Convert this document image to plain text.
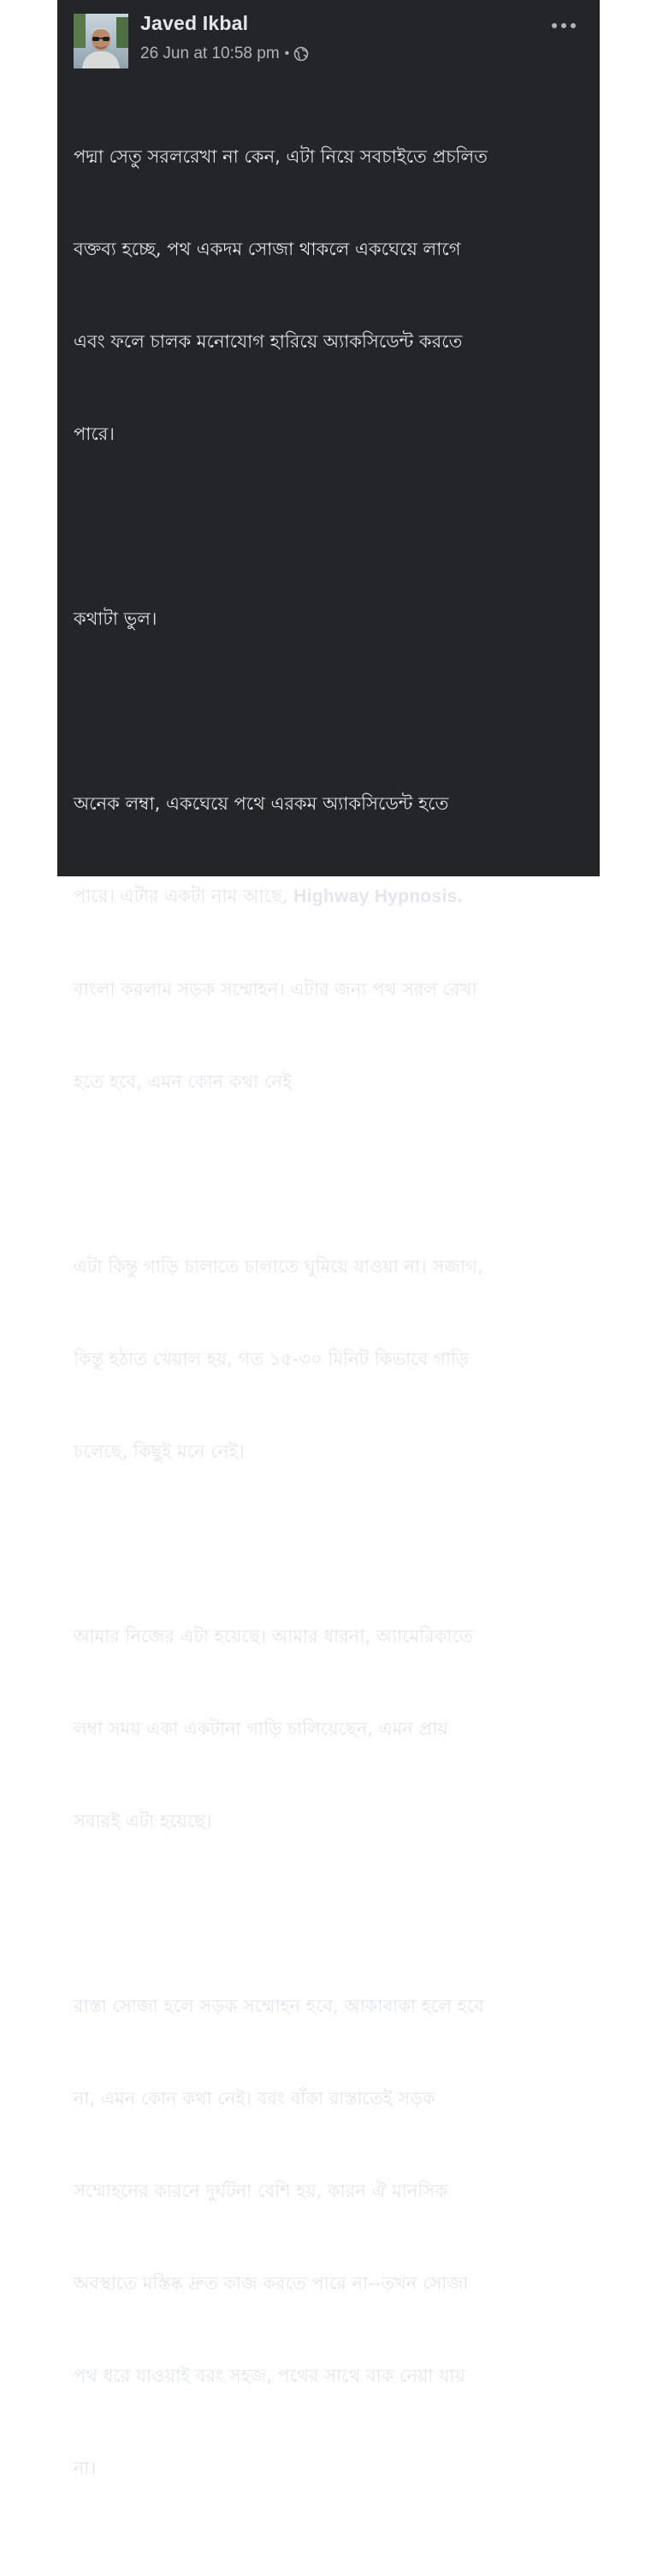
Javed Ikbal
26 Jun at 10:58 pm •

পদ্মা সেতু সরলরেখা না কেন, এটা নিয়ে সবচাইতে প্রচলিত

বক্তব্য হচ্ছে, পথ একদম সোজা থাকলে একঘেয়ে লাগে

এবং ফলে চালক মনোযোগ হারিয়ে অ্যাকসিডেন্ট করতে

পারে।

কথাটা ভুল।

অনেক লম্বা, একঘেয়ে পথে এরকম অ্যাকসিডেন্ট হতে

পারে। এটার একটা নাম আছে, Highway Hypnosis.

বাংলা করলাম সড়ক সম্মোহন। এটার জন্য পথ সরল রেখা

হতে হবে, এমন কোন কথা নেই

এটা কিন্তু গাড়ি চালাতে চালাতে ঘুমিয়ে যাওয়া না। সজাগ,

কিন্তু হঠাত খেয়াল হয়, গত ১৫-৩০ মিনিট কিভাবে গাড়ি

চলেছে, কিছুই মনে নেই।

আমার নিজের এটা হয়েছে। আমার ধারনা, অ্যামেরিকাতে

লম্বা সময় একা একটানা গাড়ি চালিয়েছেন, এমন প্রায়

সবারই এটা হয়েছে।

রাস্তা সোজা হলে সড়ক সম্মোহন হবে, আকাবাকা হলে হবে

না, এমন কোন কথা নেই। বরং বাঁকা রাস্তাতেই সড়ক

সম্মোহনের কারনে দুর্ঘটনা বেশি হয়, কারন ঐ মানসিক

অবস্থাতে মস্তিষ্ক দ্রুত কাজ করতে পারে না--তখন সোজা

পথ ধরে যাওয়াই বরং সহজ, পথের সাথে বাক নেয়া যায়

না।
